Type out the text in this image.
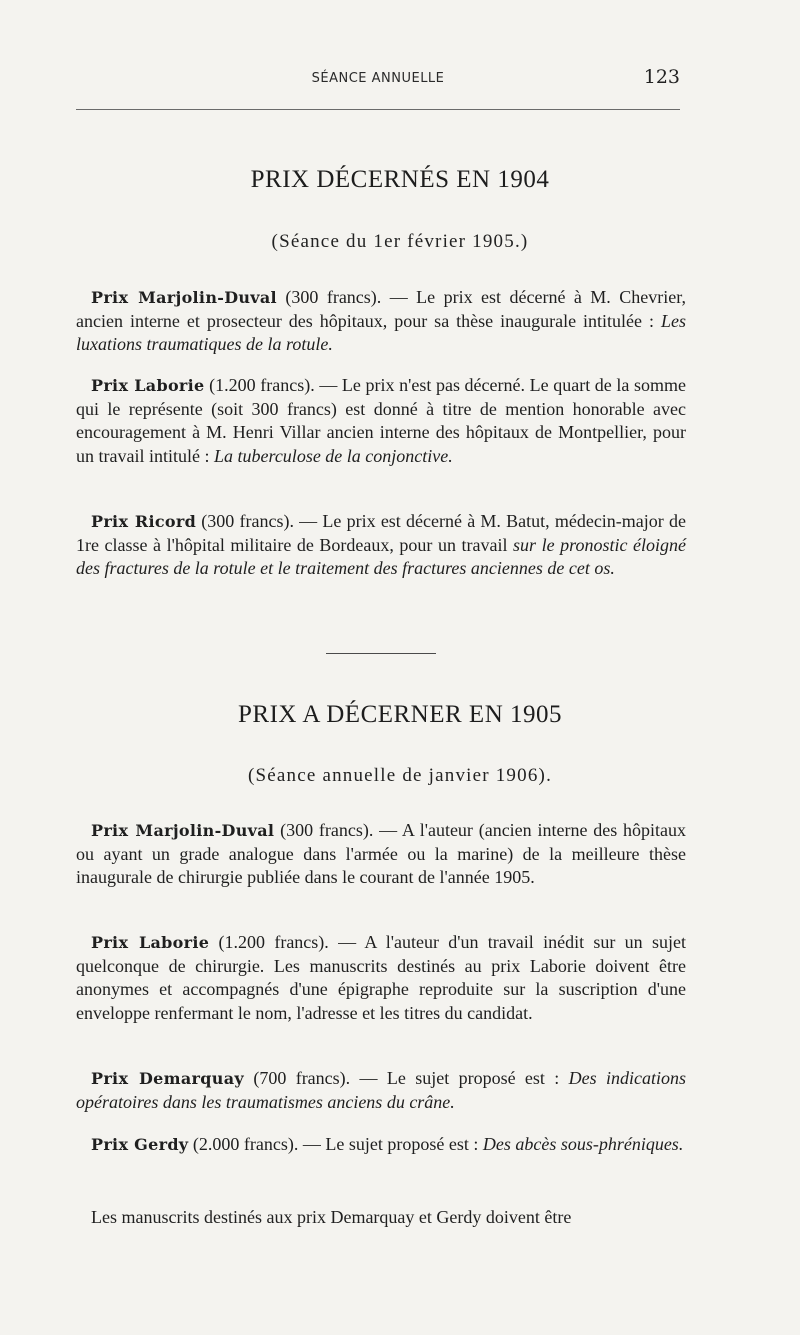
SÉANCE ANNUELLE	123
PRIX DÉCERNÉS EN 1904
(Séance du 1er février 1905.)
Prix Marjolin-Duval (300 francs). — Le prix est décerné à M. Chevrier, ancien interne et prosecteur des hôpitaux, pour sa thèse inaugurale intitulée : Les luxations traumatiques de la rotule.
Prix Laborie (1.200 francs). — Le prix n'est pas décerné. Le quart de la somme qui le représente (soit 300 francs) est donné à titre de mention honorable avec encouragement à M. Henri Villar ancien interne des hôpitaux de Montpellier, pour un travail intitulé : La tuberculose de la conjonctive.
Prix Ricord (300 francs). — Le prix est décerné à M. Batut, médecin-major de 1re classe à l'hôpital militaire de Bordeaux, pour un travail sur le pronostic éloigné des fractures de la rotule et le traitement des fractures anciennes de cet os.
PRIX A DÉCERNER EN 1905
(Séance annuelle de janvier 1906).
Prix Marjolin-Duval (300 francs). — A l'auteur (ancien interne des hôpitaux ou ayant un grade analogue dans l'armée ou la marine) de la meilleure thèse inaugurale de chirurgie publiée dans le courant de l'année 1905.
Prix Laborie (1.200 francs). — A l'auteur d'un travail inédit sur un sujet quelconque de chirurgie. Les manuscrits destinés au prix Laborie doivent être anonymes et accompagnés d'une épigraphe reproduite sur la suscription d'une enveloppe renfermant le nom, l'adresse et les titres du candidat.
Prix Demarquay (700 francs). — Le sujet proposé est : Des indications opératoires dans les traumatismes anciens du crâne.
Prix Gerdy (2.000 francs). — Le sujet proposé est : Des abcès sous-phréniques.
Les manuscrits destinés aux prix Demarquay et Gerdy doivent être
